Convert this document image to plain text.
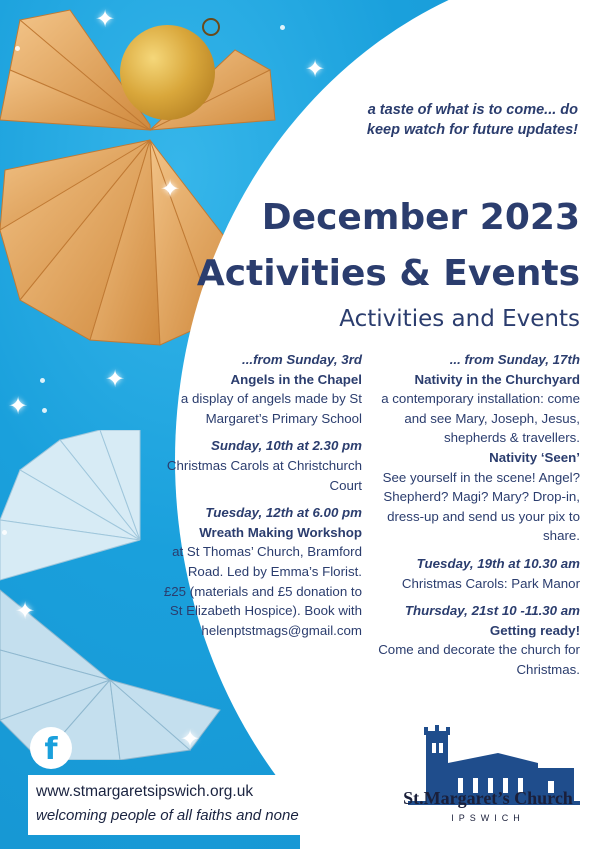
✦
✦
✦
✦
✦
✦
✦
✦
a taste of what is to come... do keep watch for future updates!
December 2023
Activities & Events
Activities and Events
...from Sunday, 3rd
Angels in the Chapel
a display of angels made by St Margaret’s Primary School
Sunday, 10th at 2.30 pm
Christmas Carols at Christchurch Court
Tuesday, 12th at 6.00 pm
Wreath Making Workshop
at St Thomas’ Church, Bramford Road. Led by Emma’s Florist. £25 (materials and £5 donation to St Elizabeth Hospice). Book with helenptstmags@gmail.com
... from Sunday, 17th
Nativity in the Churchyard
a contemporary installation: come and see Mary, Joseph, Jesus, shepherds & travellers.
Nativity ‘Seen’
See yourself in the scene! Angel? Shepherd? Magi? Mary? Drop-in, dress-up and send us your pix to share.
Tuesday, 19th at 10.30 am
Christmas Carols: Park Manor
Thursday, 21st 10 -11.30 am
Getting ready!
Come and decorate the church for Christmas.
f
www.stmargaretsipswich.org.uk
welcoming people of all faiths and none
St.Margaret’s Church
IPSWICH
